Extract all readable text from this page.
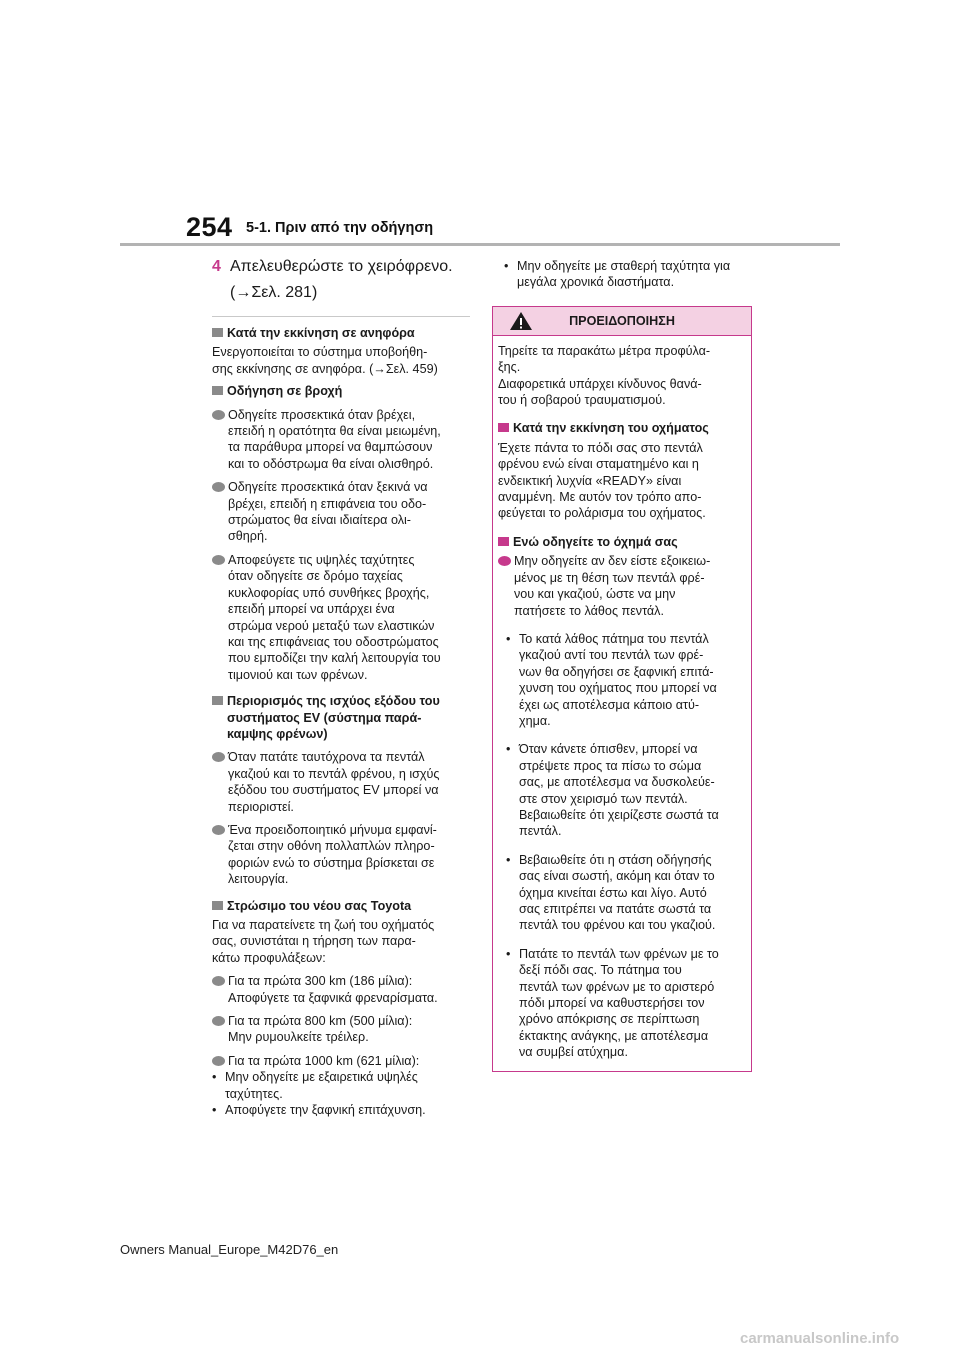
254 5-1. Πριν από την οδήγηση
4 Απελευθερώστε το χειρόφρενο.
(→Σελ. 281)
Κατά την εκκίνηση σε ανηφόρα
Ενεργοποιείται το σύστημα υποβοήθη-
σης εκκίνησης σε ανηφόρα. (→Σελ. 459)
Οδήγηση σε βροχή
Οδηγείτε προσεκτικά όταν βρέχει,
επειδή η ορατότητα θα είναι μειωμένη,
τα παράθυρα μπορεί να θαμπώσουν
και το οδόστρωμα θα είναι ολισθηρό.
Οδηγείτε προσεκτικά όταν ξεκινά να
βρέχει, επειδή η επιφάνεια του οδο-
στρώματος θα είναι ιδιαίτερα ολι-
σθηρή.
Αποφεύγετε τις υψηλές ταχύτητες
όταν οδηγείτε σε δρόμο ταχείας
κυκλοφορίας υπό συνθήκες βροχής,
επειδή μπορεί να υπάρχει ένα
στρώμα νερού μεταξύ των ελαστικών
και της επιφάνειας του οδοστρώματος
που εμποδίζει την καλή λειτουργία του
τιμονιού και των φρένων.
Περιορισμός της ισχύος εξόδου του
συστήματος EV (σύστημα παρά-
καμψης φρένων)
Όταν πατάτε ταυτόχρονα τα πεντάλ
γκαζιού και το πεντάλ φρένου, η ισχύς
εξόδου του συστήματος EV μπορεί να
περιοριστεί.
Ένα προειδοποιητικό μήνυμα εμφανί-
ζεται στην οθόνη πολλαπλών πληρο-
φοριών ενώ το σύστημα βρίσκεται σε
λειτουργία.
Στρώσιμο του νέου σας Toyota
Για να παρατείνετε τη ζωή του οχήματός
σας, συνιστάται η τήρηση των παρα-
κάτω προφυλάξεων:
Για τα πρώτα 300 km (186 μίλια):
Αποφύγετε τα ξαφνικά φρεναρίσματα.
Για τα πρώτα 800 km (500 μίλια):
Μην ρυμουλκείτε τρέιλερ.
Για τα πρώτα 1000 km (621 μίλια):
• Μην οδηγείτε με εξαιρετικά υψηλές
ταχύτητες.
• Αποφύγετε την ξαφνική επιτάχυνση.
• Μην οδηγείτε με σταθερή ταχύτητα για
μεγάλα χρονικά διαστήματα.
ΠΡΟΕΙΔΟΠΟΙΗΣΗ
Τηρείτε τα παρακάτω μέτρα προφύλα-
ξης.
Διαφορετικά υπάρχει κίνδυνος θανά-
του ή σοβαρού τραυματισμού.
Κατά την εκκίνηση του οχήματος
Έχετε πάντα το πόδι σας στο πεντάλ
φρένου ενώ είναι σταματημένο και η
ενδεικτική λυχνία «READY» είναι
αναμμένη. Με αυτόν τον τρόπο απο-
φεύγεται το ρολάρισμα του οχήματος.
Ενώ οδηγείτε το όχημά σας
Μην οδηγείτε αν δεν είστε εξοικειω-
μένος με τη θέση των πεντάλ φρέ-
νου και γκαζιού, ώστε να μην
πατήσετε το λάθος πεντάλ.
• Το κατά λάθος πάτημα του πεντάλ
γκαζιού αντί του πεντάλ των φρέ-
νων θα οδηγήσει σε ξαφνική επιτά-
χυνση του οχήματος που μπορεί να
έχει ως αποτέλεσμα κάποιο ατύ-
χημα.
• Όταν κάνετε όπισθεν, μπορεί να
στρέψετε προς τα πίσω το σώμα
σας, με αποτέλεσμα να δυσκολεύε-
στε στον χειρισμό των πεντάλ.
Βεβαιωθείτε ότι χειρίζεστε σωστά τα
πεντάλ.
• Βεβαιωθείτε ότι η στάση οδήγησής
σας είναι σωστή, ακόμη και όταν το
όχημα κινείται έστω και λίγο. Αυτό
σας επιτρέπει να πατάτε σωστά τα
πεντάλ του φρένου και του γκαζιού.
• Πατάτε το πεντάλ των φρένων με το
δεξί πόδι σας. Το πάτημα του
πεντάλ των φρένων με το αριστερό
πόδι μπορεί να καθυστερήσει τον
χρόνο απόκρισης σε περίπτωση
έκτακτης ανάγκης, με αποτέλεσμα
να συμβεί ατύχημα.
Owners Manual_Europe_M42D76_en
carmanualsonline.info
